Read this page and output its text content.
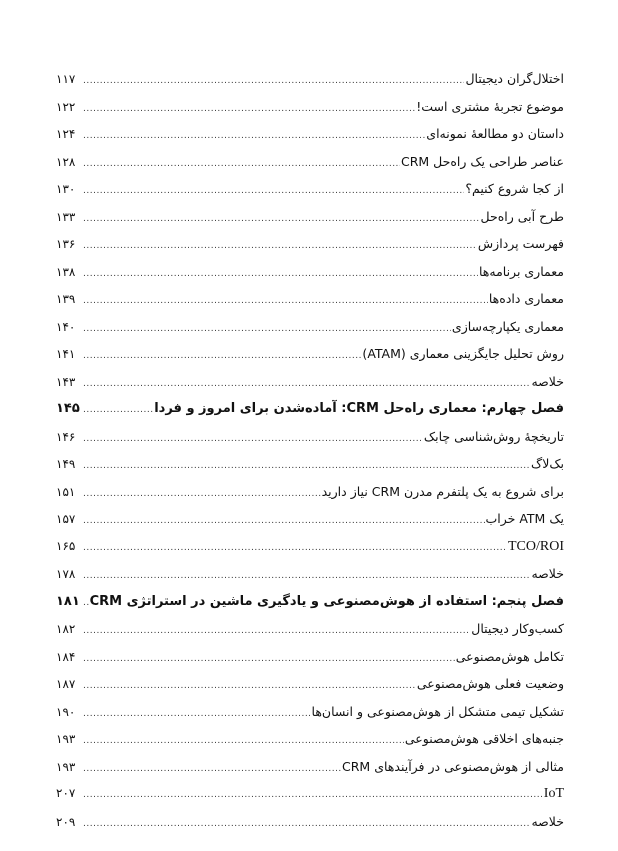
اختلال‌گران دیجیتال
.....
۱۱۷
موضوع تجربهٔ مشتری است!
.....
۱۲۲
داستان دو مطالعهٔ نمونه‌ای
.....
۱۲۴
عناصر طراحی یک راه‌حل CRM
.....
۱۲۸
از کجا شروع کنیم؟
.....
۱۳۰
طرح آبی راه‌حل
.....
۱۳۳
فهرست پردازش
.....
۱۳۶
معماری برنامه‌ها
.....
۱۳۸
معماری داده‌ها
.....
۱۳۹
معماری یکپارچه‌سازی
.....
۱۴۰
روش تحلیل جایگزینی معماری (ATAM)
.....
۱۴۱
خلاصه
.....
۱۴۳
فصل چهارم: معماری راه‌حل CRM: آماده‌شدن برای امروز و فردا
.....
۱۴۵
تاریخچهٔ روش‌شناسی چابک
.....
۱۴۶
بک‌لاگ
.....
۱۴۹
برای شروع به یک پلتفرم مدرن CRM نیاز دارید
.....
۱۵۱
یک ATM خراب
.....
۱۵۷
TCO/ROI
.....
۱۶۵
خلاصه
.....
۱۷۸
فصل پنجم: استفاده از هوش‌مصنوعی و یادگیری ماشین در استراتژی CRM
.....
۱۸۱
کسب‌وکار دیجیتال
.....
۱۸۲
تکامل هوش‌مصنوعی
.....
۱۸۴
وضعیت فعلی هوش‌مصنوعی
.....
۱۸۷
تشکیل تیمی متشکل از هوش‌مصنوعی و انسان‌ها
.....
۱۹۰
جنبه‌های اخلاقی هوش‌مصنوعی
.....
۱۹۳
مثالی از هوش‌مصنوعی در فرآیندهای CRM
.....
۱۹۳
IoT
.....
۲۰۷
خلاصه
.....
۲۰۹
